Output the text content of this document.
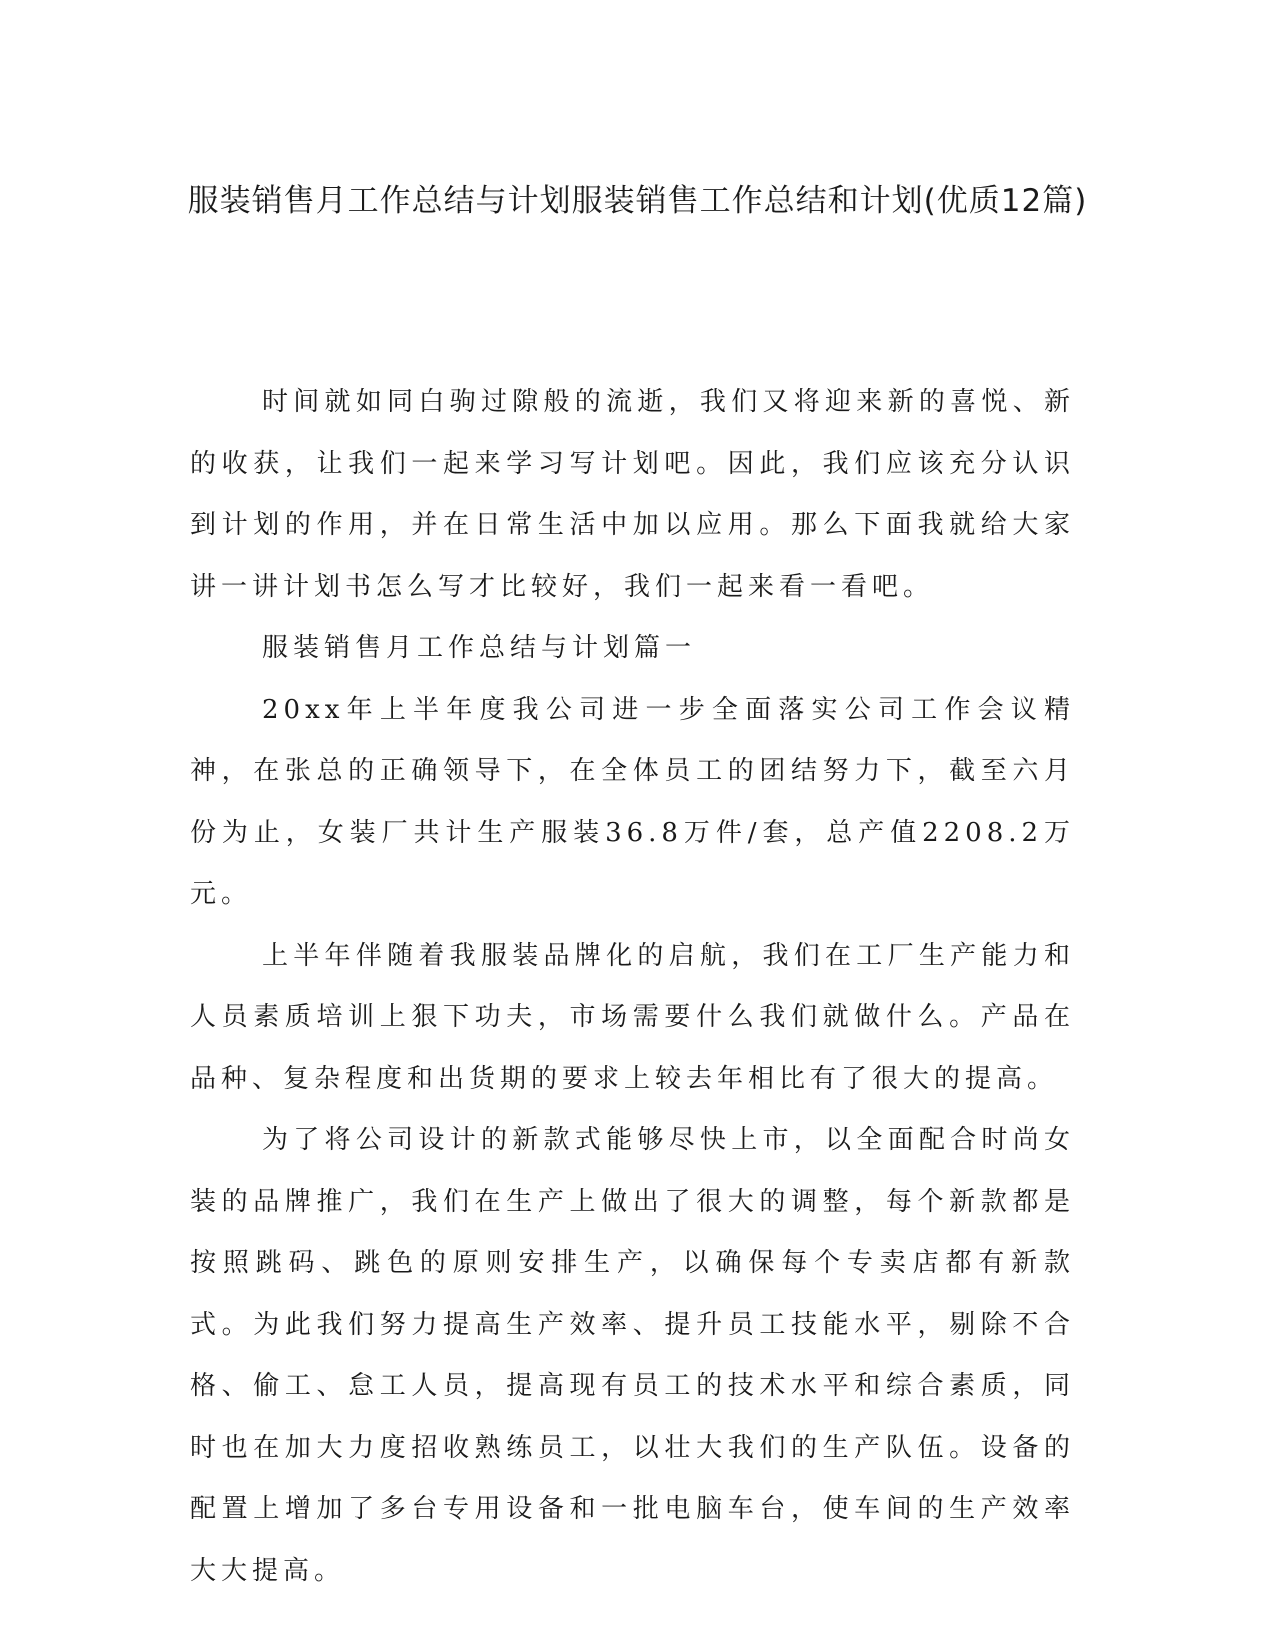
服装销售月工作总结与计划服装销售工作总结和计划(优质12篇)

时间就如同白驹过隙般的流逝，我们又将迎来新的喜悦、新的收获，让我们一起来学习写计划吧。因此，我们应该充分认识到计划的作用，并在日常生活中加以应用。那么下面我就给大家讲一讲计划书怎么写才比较好，我们一起来看一看吧。

服装销售月工作总结与计划篇一

20xx年上半年度我公司进一步全面落实公司工作会议精神，在张总的正确领导下，在全体员工的团结努力下，截至六月份为止，女装厂共计生产服装36.8万件/套，总产值2208.2万元。

上半年伴随着我服装品牌化的启航，我们在工厂生产能力和人员素质培训上狠下功夫，市场需要什么我们就做什么。产品在品种、复杂程度和出货期的要求上较去年相比有了很大的提高。

为了将公司设计的新款式能够尽快上市，以全面配合时尚女装的品牌推广，我们在生产上做出了很大的调整，每个新款都是按照跳码、跳色的原则安排生产，以确保每个专卖店都有新款式。为此我们努力提高生产效率、提升员工技能水平，剔除不合格、偷工、怠工人员，提高现有员工的技术水平和综合素质，同时也在加大力度招收熟练员工，以壮大我们的生产队伍。设备的配置上增加了多台专用设备和一批电脑车台，使车间的生产效率大大提高。
